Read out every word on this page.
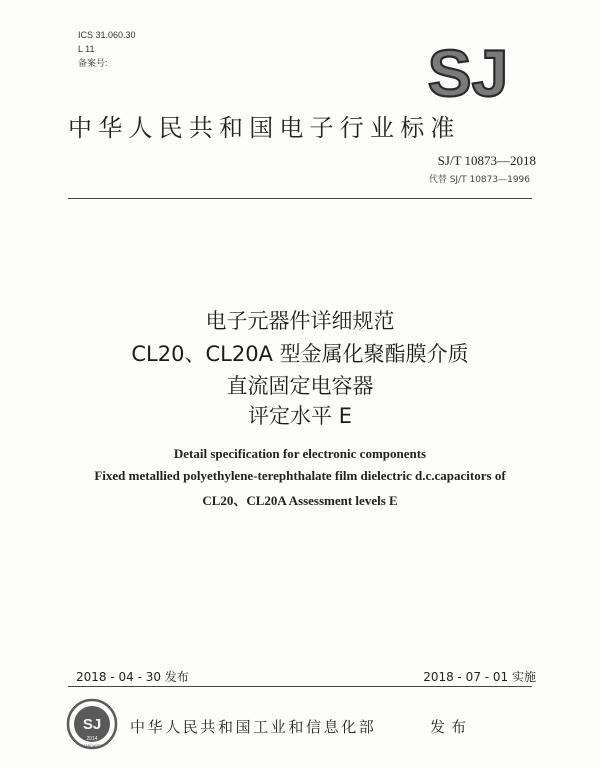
ICS 31.060.30
L 11
备案号:	SJ
中华人民共和国电子行业标准
SJ/T 10873—2018
代替 SJ/T 10873—1996
电子元器件详细规范
CL20、CL20A 型金属化聚酯膜介质
直流固定电容器
评定水平 E
Detail specification for electronic components
Fixed metallied polyethylene-terephthalate film dielectric d.c.capacitors of
CL20、CL20A Assessment levels E
2018 - 04 - 30 发布	2018 - 07 - 01 实施
SJ
2014
STANDARDS
中华人民共和国工业和信息化部	发布
